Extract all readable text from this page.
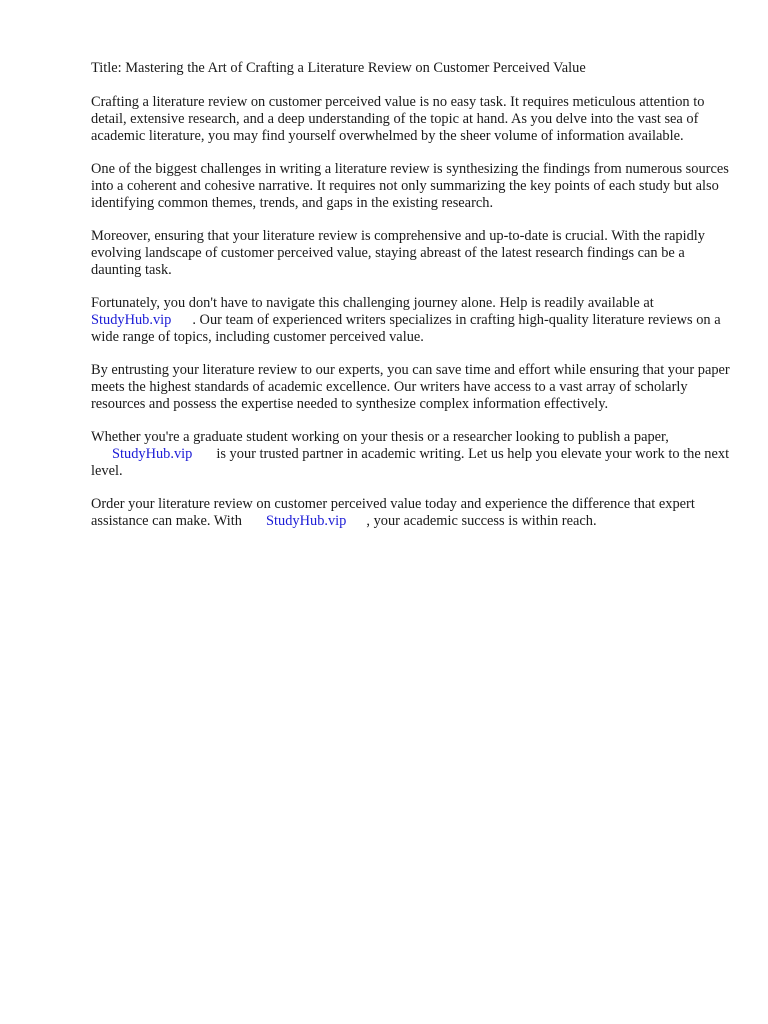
Title: Mastering the Art of Crafting a Literature Review on Customer Perceived Value

Crafting a literature review on customer perceived value is no easy task. It requires meticulous attention to detail, extensive research, and a deep understanding of the topic at hand. As you delve into the vast sea of academic literature, you may find yourself overwhelmed by the sheer volume of information available.

One of the biggest challenges in writing a literature review is synthesizing the findings from numerous sources into a coherent and cohesive narrative. It requires not only summarizing the key points of each study but also identifying common themes, trends, and gaps in the existing research.

Moreover, ensuring that your literature review is comprehensive and up-to-date is crucial. With the rapidly evolving landscape of customer perceived value, staying abreast of the latest research findings can be a daunting task.

Fortunately, you don't have to navigate this challenging journey alone. Help is readily available at
StudyHub.vip . Our team of experienced writers specializes in crafting high-quality literature reviews on a wide range of topics, including customer perceived value.

By entrusting your literature review to our experts, you can save time and effort while ensuring that your paper meets the highest standards of academic excellence. Our writers have access to a vast array of scholarly resources and possess the expertise needed to synthesize complex information effectively.

Whether you're a graduate student working on your thesis or a researcher looking to publish a paper,
StudyHub.vip is your trusted partner in academic writing. Let us help you elevate your work to the next level.

Order your literature review on customer perceived value today and experience the difference that expert assistance can make. With StudyHub.vip , your academic success is within reach.
